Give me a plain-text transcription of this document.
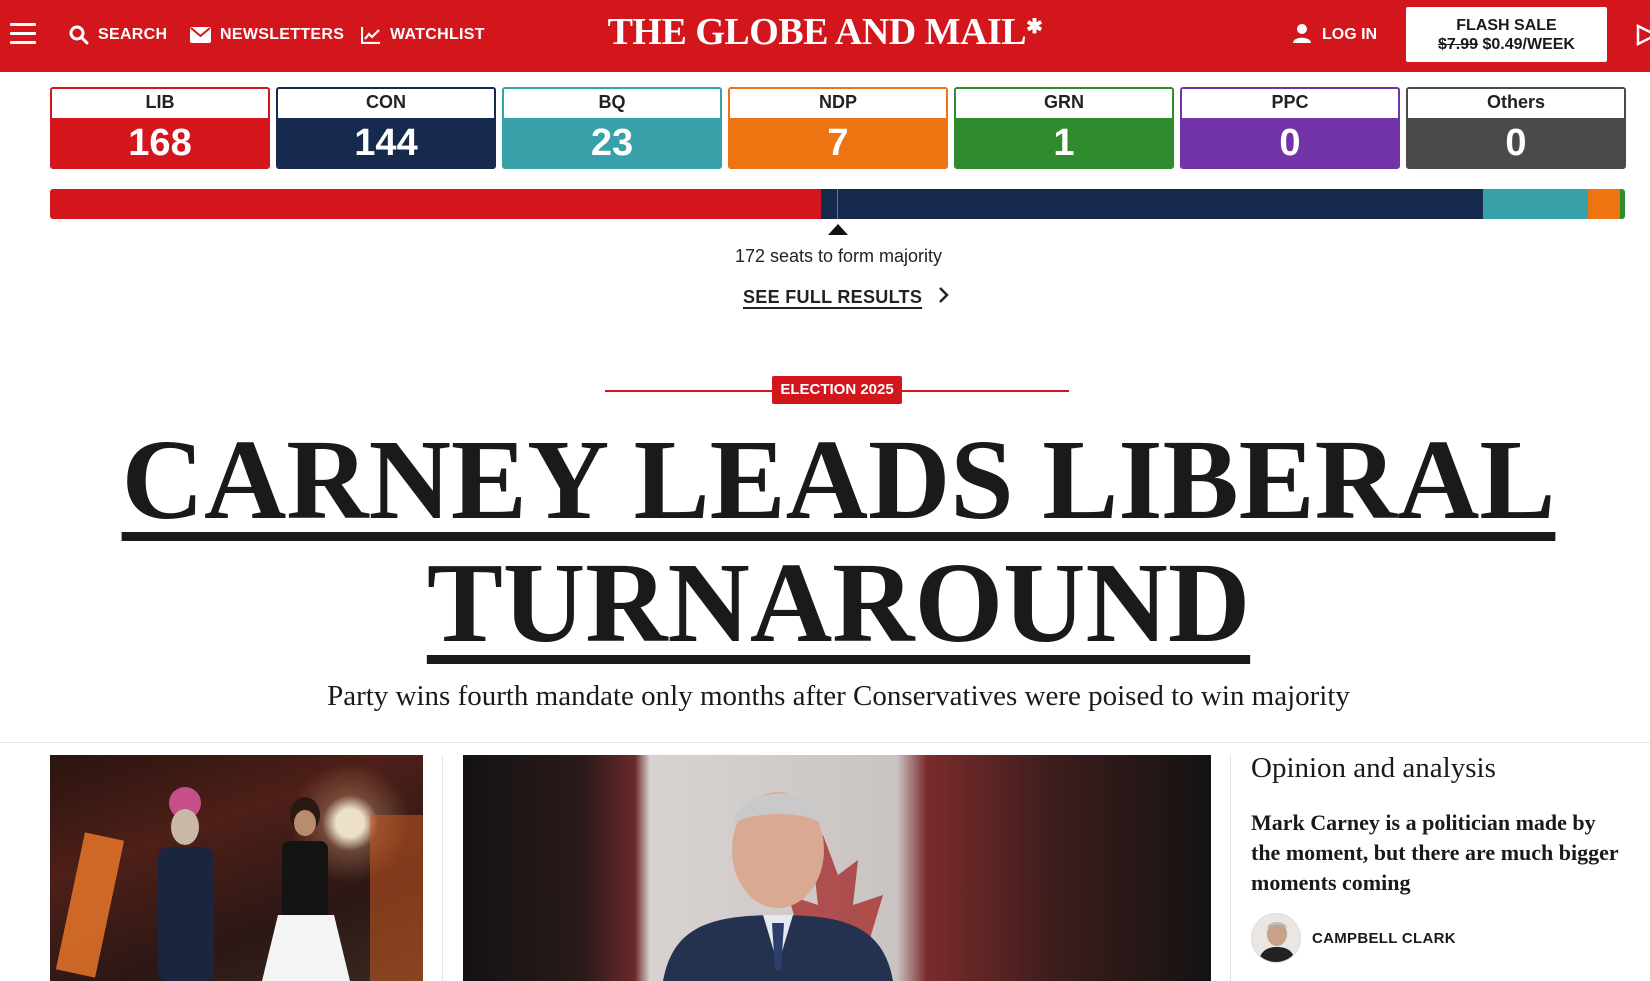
SEARCH	NEWSLETTERS	WATCHLIST	THE GLOBE AND MAIL✱	LOG IN
FLASH SALE
$7.99 $0.49/WEEK
LIB
168
CON
144
BQ
23
NDP
7
GRN
1
PPC
0
Others
0
172 seats to form majority
SEE FULL RESULTS
ELECTION 2025
CARNEY LEADS LIBERAL
TURNAROUND
Party wins fourth mandate only months after Conservatives were poised to win majority
Opinion and analysis
Mark Carney is a politician made by the moment, but there are much bigger moments coming
CAMPBELL CLARK
